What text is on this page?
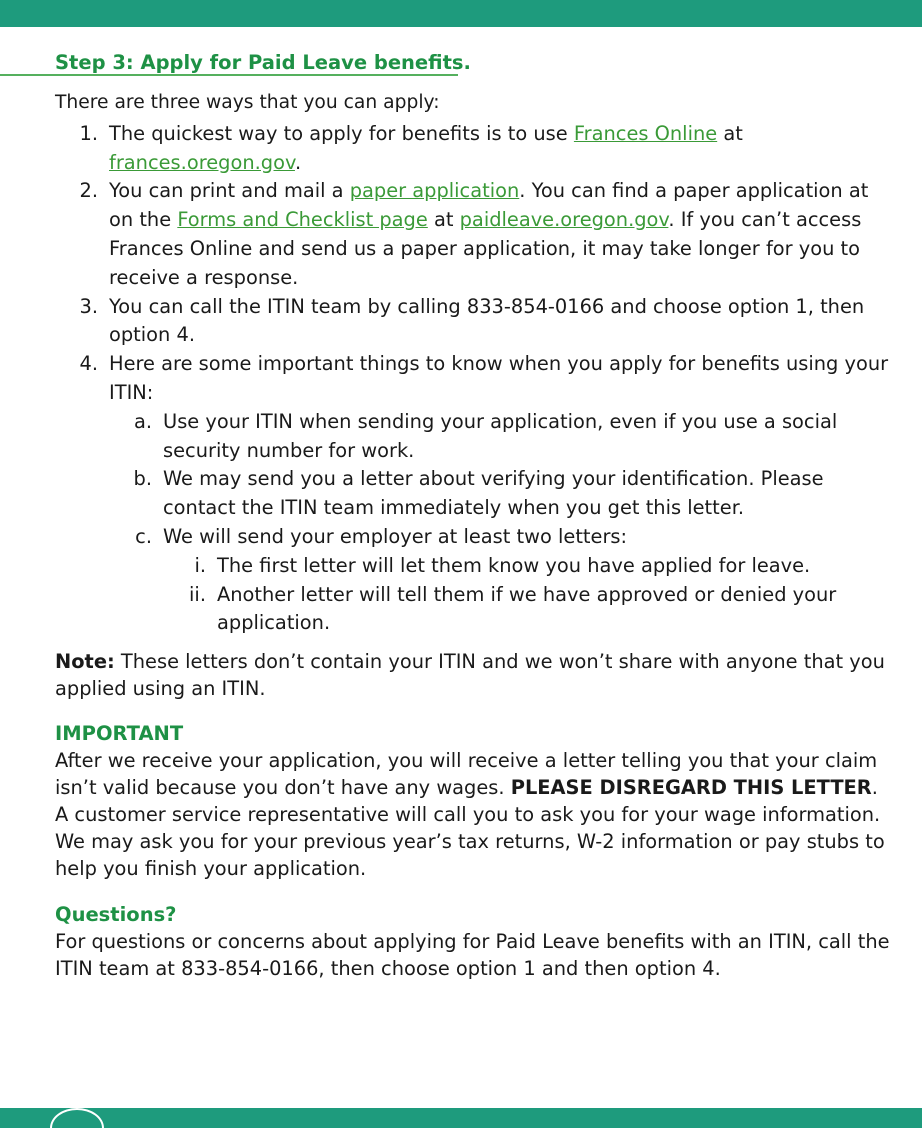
Step 3: Apply for Paid Leave benefits.

There are three ways that you can apply:

1. The quickest way to apply for benefits is to use Frances Online at frances.oregon.gov.
2. You can print and mail a paper application. You can find a paper application at on the Forms and Checklist page at paidleave.oregon.gov. If you can’t access Frances Online and send us a paper application, it may take longer for you to receive a response.
3. You can call the ITIN team by calling 833-854-0166 and choose option 1, then option 4.
4. Here are some important things to know when you apply for benefits using your ITIN:
a. Use your ITIN when sending your application, even if you use a social security number for work.
b. We may send you a letter about verifying your identification. Please contact the ITIN team immediately when you get this letter.
c. We will send your employer at least two letters:
i. The first letter will let them know you have applied for leave.
ii. Another letter will tell them if we have approved or denied your application.

Note: These letters don’t contain your ITIN and we won’t share with anyone that you applied using an ITIN.

IMPORTANT

After we receive your application, you will receive a letter telling you that your claim isn’t valid because you don’t have any wages. PLEASE DISREGARD THIS LETTER. A customer service representative will call you to ask you for your wage information. We may ask you for your previous year’s tax returns, W-2 information or pay stubs to help you finish your application.

Questions?

For questions or concerns about applying for Paid Leave benefits with an ITIN, call the ITIN team at 833-854-0166, then choose option 1 and then option 4.
